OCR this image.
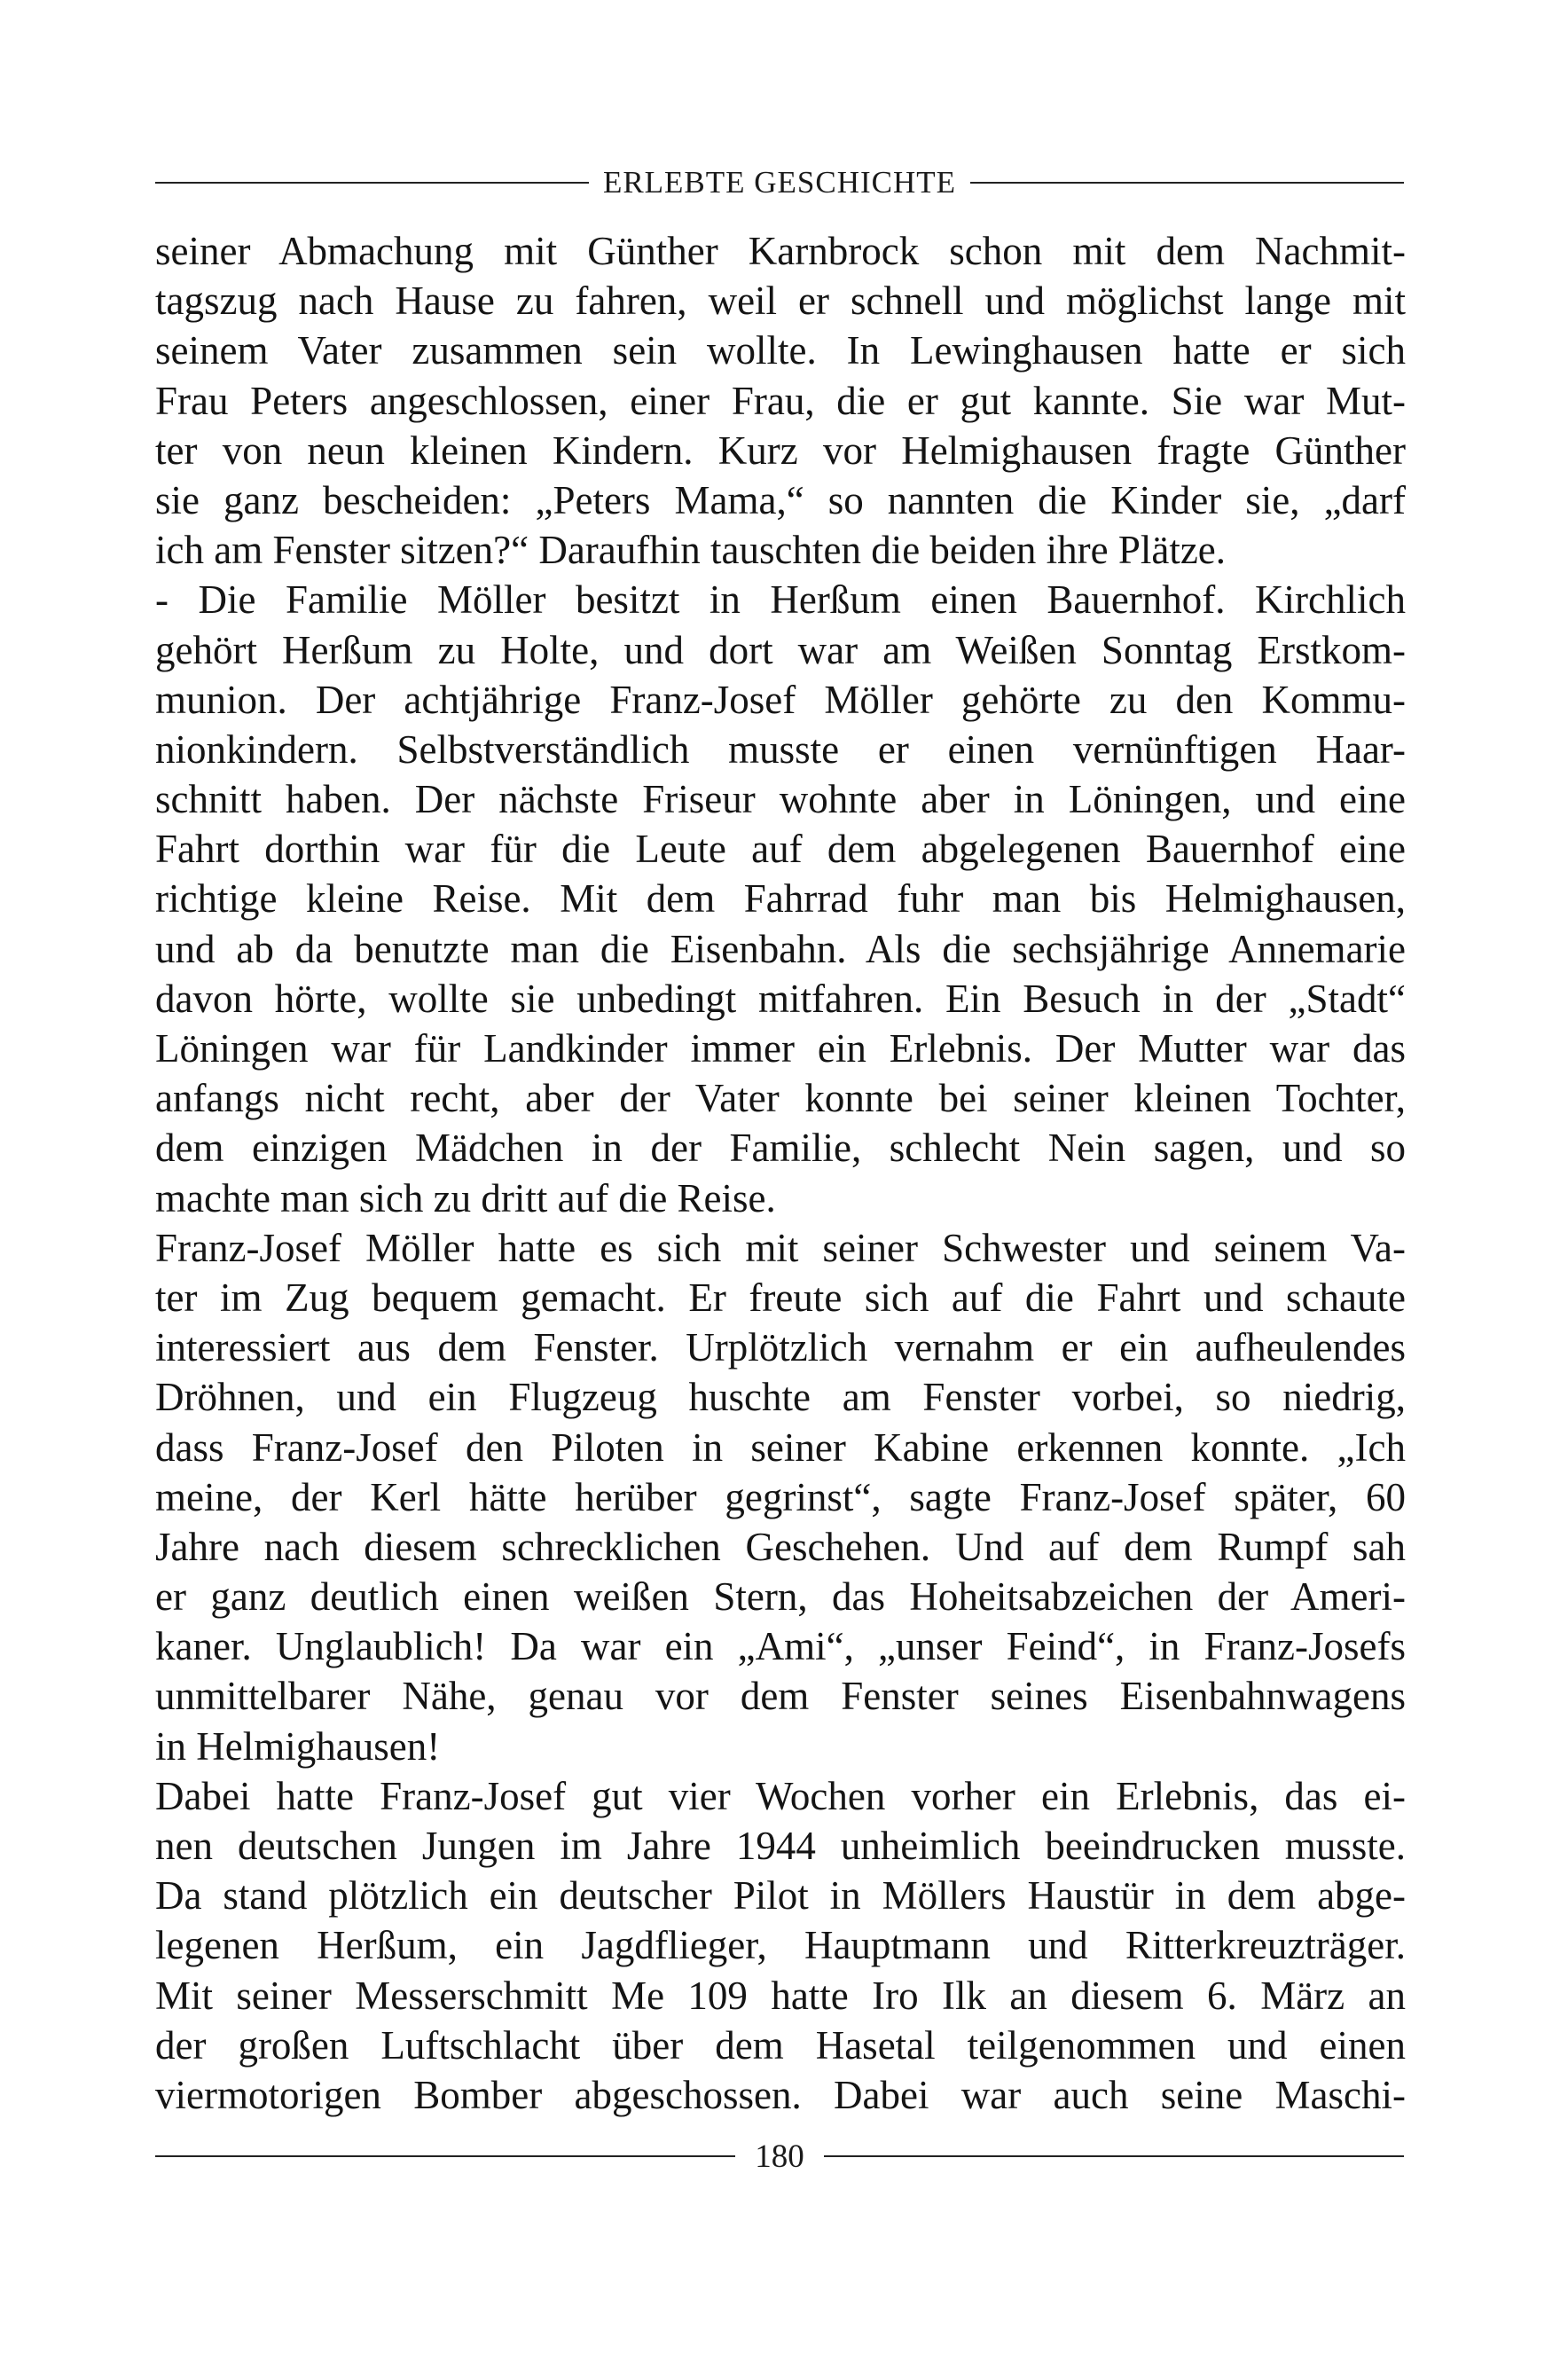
ERLEBTE GESCHICHTE
seiner Abmachung mit Günther Karnbrock schon mit dem Nachmit-
tagszug nach Hause zu fahren, weil er schnell und möglichst lange mit
seinem Vater zusammen sein wollte. In Lewinghausen hatte er sich
Frau Peters angeschlossen, einer Frau, die er gut kannte. Sie war Mut-
ter von neun kleinen Kindern. Kurz vor Helmighausen fragte Günther
sie ganz bescheiden: „Peters Mama,“ so nannten die Kinder sie, „darf
ich am Fenster sitzen?“ Daraufhin tauschten die beiden ihre Plätze.
- Die Familie Möller besitzt in Herßum einen Bauernhof. Kirchlich
gehört Herßum zu Holte, und dort war am Weißen Sonntag Erstkom-
munion. Der achtjährige Franz-Josef Möller gehörte zu den Kommu-
nionkindern. Selbstverständlich musste er einen vernünftigen Haar-
schnitt haben. Der nächste Friseur wohnte aber in Löningen, und eine
Fahrt dorthin war für die Leute auf dem abgelegenen Bauernhof eine
richtige kleine Reise. Mit dem Fahrrad fuhr man bis Helmighausen,
und ab da benutzte man die Eisenbahn. Als die sechsjährige Annemarie
davon hörte, wollte sie unbedingt mitfahren. Ein Besuch in der „Stadt“
Löningen war für Landkinder immer ein Erlebnis. Der Mutter war das
anfangs nicht recht, aber der Vater konnte bei seiner kleinen Tochter,
dem einzigen Mädchen in der Familie, schlecht Nein sagen, und so
machte man sich zu dritt auf die Reise.
Franz-Josef Möller hatte es sich mit seiner Schwester und seinem Va-
ter im Zug bequem gemacht. Er freute sich auf die Fahrt und schaute
interessiert aus dem Fenster. Urplötzlich vernahm er ein aufheulendes
Dröhnen, und ein Flugzeug huschte am Fenster vorbei, so niedrig,
dass Franz-Josef den Piloten in seiner Kabine erkennen konnte. „Ich
meine, der Kerl hätte herüber gegrinst“, sagte Franz-Josef später, 60
Jahre nach diesem schrecklichen Geschehen. Und auf dem Rumpf sah
er ganz deutlich einen weißen Stern, das Hoheitsabzeichen der Ameri-
kaner. Unglaublich! Da war ein „Ami“, „unser Feind“, in Franz-Josefs
unmittelbarer Nähe, genau vor dem Fenster seines Eisenbahnwagens
in Helmighausen!
Dabei hatte Franz-Josef gut vier Wochen vorher ein Erlebnis, das ei-
nen deutschen Jungen im Jahre 1944 unheimlich beeindrucken musste.
Da stand plötzlich ein deutscher Pilot in Möllers Haustür in dem abge-
legenen Herßum, ein Jagdflieger, Hauptmann und Ritterkreuzträger.
Mit seiner Messerschmitt Me 109 hatte Iro Ilk an diesem 6. März an
der großen Luftschlacht über dem Hasetal teilgenommen und einen
viermotorigen Bomber abgeschossen. Dabei war auch seine Maschi-
180
